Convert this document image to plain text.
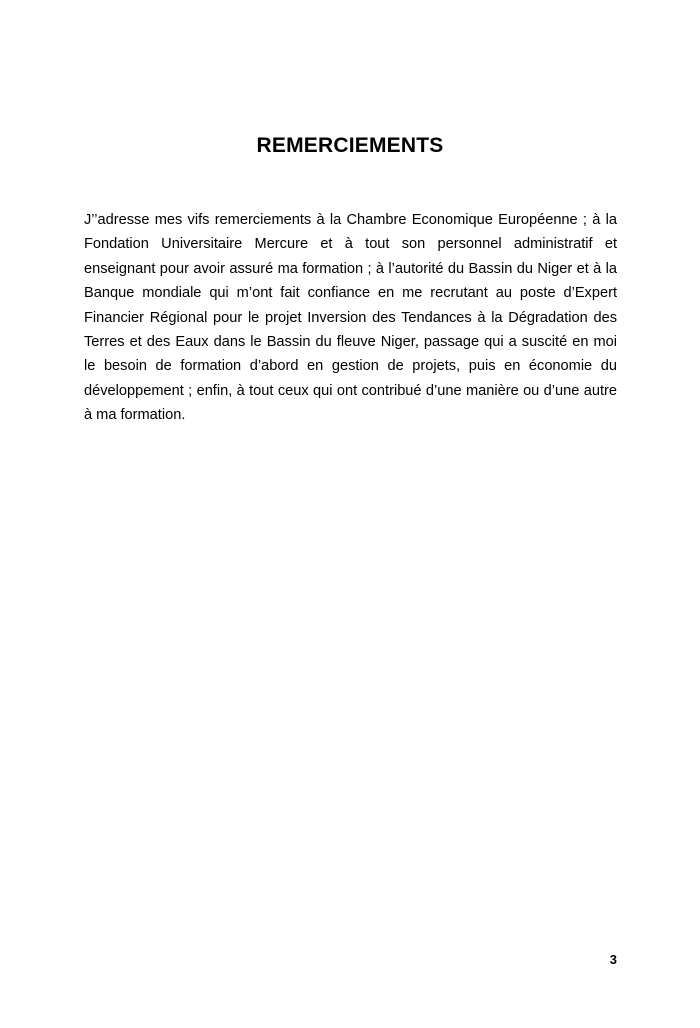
REMERCIEMENTS

J’’adresse mes vifs remerciements à la Chambre Economique Européenne ; à la Fondation Universitaire Mercure et à tout son personnel administratif et enseignant pour avoir assuré ma formation ; à l’autorité du Bassin du Niger et à la Banque mondiale qui m’ont fait confiance en me recrutant au poste d’Expert Financier Régional pour le projet Inversion des Tendances à la Dégradation des Terres et des Eaux dans le Bassin du fleuve Niger, passage qui a suscité en moi le besoin de formation d’abord en gestion de projets, puis en économie du développement ; enfin, à tout ceux qui ont contribué d’une manière ou d’une autre à ma formation.

3
